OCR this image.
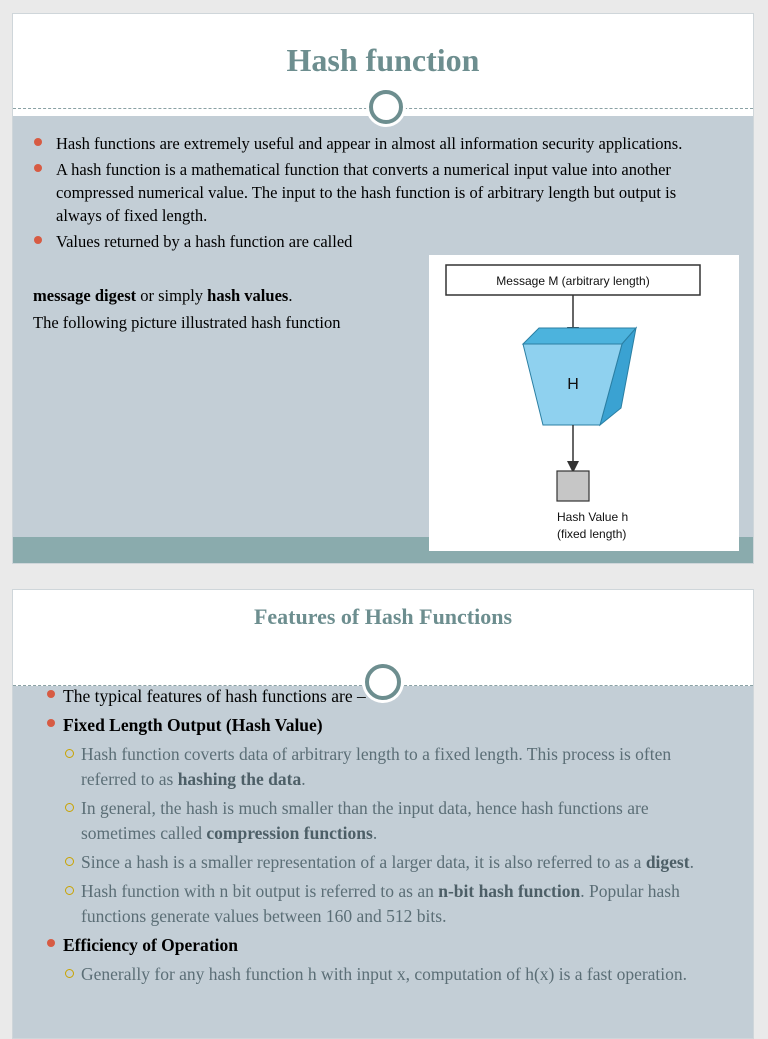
Hash function
Hash functions are extremely useful and appear in almost all information security applications.
A hash function is a mathematical function that converts a numerical input value into another compressed numerical value. The input to the hash function is of arbitrary length but output is always of fixed length.
Values returned by a hash function are called
message digest or simply hash values.
The following picture illustrated hash function
Message M (arbitrary length)
H
Hash Value h
(fixed length)
Features of Hash Functions
The typical features of hash functions are –
Fixed Length Output (Hash Value)
Hash function coverts data of arbitrary length to a fixed length. This process is often referred to as hashing the data.
In general, the hash is much smaller than the input data, hence hash functions are sometimes called compression functions.
Since a hash is a smaller representation of a larger data, it is also referred to as a digest.
Hash function with n bit output is referred to as an n-bit hash function. Popular hash functions generate values between 160 and 512 bits.
Efficiency of Operation
Generally for any hash function h with input x, computation of h(x) is a fast operation.
